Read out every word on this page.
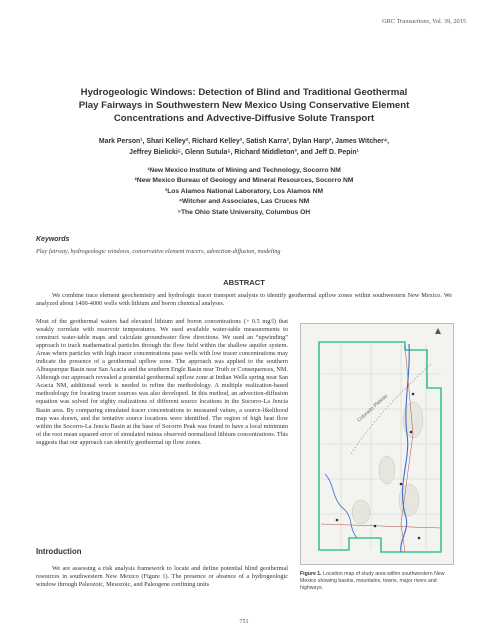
GRC Transactions, Vol. 39, 2015
Hydrogeologic Windows: Detection of Blind and Traditional Geothermal
Play Fairways in Southwestern New Mexico Using Conservative Element
Concentrations and Advective-Diffusive Solute Transport
Mark Person¹, Shari Kelley², Richard Kelley³, Satish Karra³, Dylan Harp³, James Witcher⁴,
Jeffrey Bielicki⁵, Glenn Sutula⁵, Richard Middleton³, and Jeff D. Pepin¹
¹New Mexico Institute of Mining and Technology, Socorro NM
²New Mexico Bureau of Geology and Mineral Resources, Socorro NM
³Los Alamos National Laboratory, Los Alamos NM
⁴Witcher and Associates, Las Cruces NM
⁵The Ohio State University, Columbus OH
Keywords
Play fairway, hydrogeologic windows, conservative element tracers, advection-diffusion, modeling
ABSTRACT
We combine trace element geochemistry and hydrologic tracer transport analysis to identify geothermal upflow zones within southwestern New Mexico. We analyzed about 1400-4000 wells with lithium and boron chemical analyses.
Most of the geothermal waters had elevated lithium and boron concentrations (> 0.5 mg/l) that weakly correlate with reservoir temperatures. We used available water-table measurements to construct water-table maps and calculate groundwater flow directions. We used an “upwinding” approach to track mathematical particles through the flow field within the shallow aquifer system. Areas where particles with high tracer concentrations pass wells with low tracer concentrations may indicate the presence of a geothermal upflow zone. The approach was applied to the southern Albuquerque Basin near San Acacia and the southern Engle Basin near Truth or Consequences, NM. Although our approach revealed a potential geothermal upflow zone at Indian Wells spring near San Acacia NM, additional work is needed to refine the methodology. A multiple realization-based methodology for locating tracer sources was also developed. In this method, an advection-diffusion equation was solved for eighty realizations of different source locations in the Socorro-La Jencia Basin area. By comparing simulated tracer concentrations to measured values, a source-likelihood map was drawn, and the tentative source locations were identified. The region of high heat flow within the Socorro-La Jencia Basin at the base of Socorro Peak was found to have a local minimum of the root mean squared error of simulated minus observed normalized lithium concentrations. This suggests that our approach can identify geothermal up flow zones.
Introduction
We are assessing a risk analysis framework to locate and define potential blind geothermal resources in southwestern New Mexico (Figure 1). The presence or absence of a hydrogeologic window through Paleozoic, Mesozoic, and Paleogene confining units
Colorado Plateau
Figure 1. Location map of study area within southwestern New Mexico showing basins, mountains, towns, major rivers and highways.
751
